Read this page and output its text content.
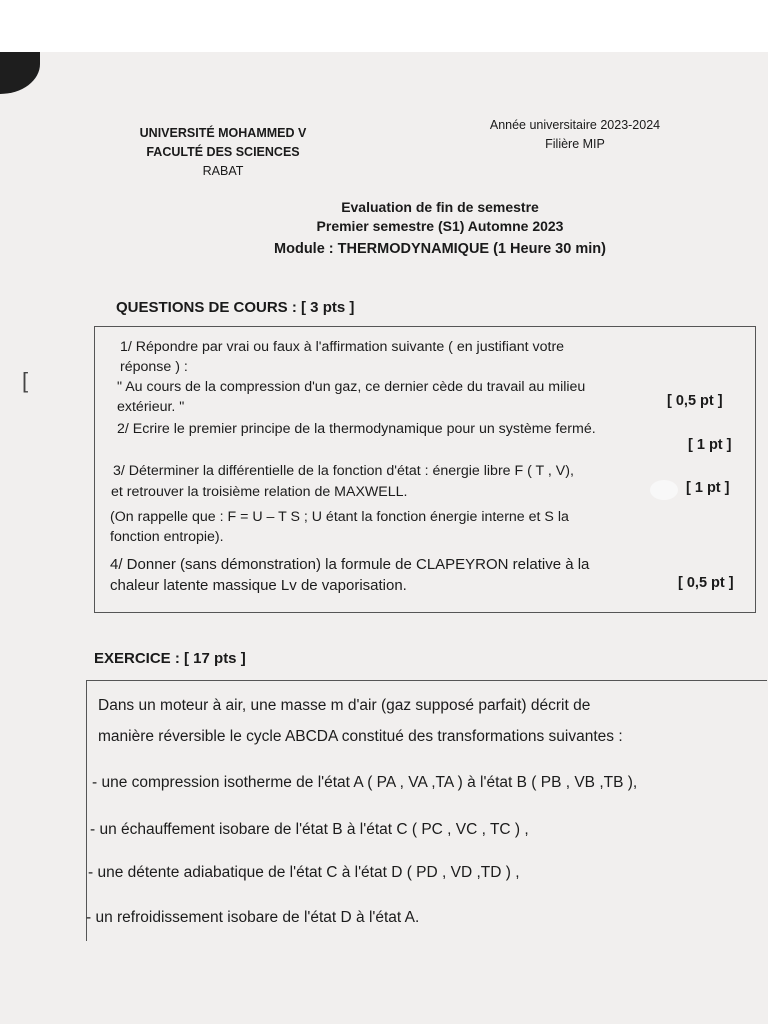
UNIVERSITÉ MOHAMMED V
FACULTÉ DES SCIENCES
RABAT
Année universitaire 2023-2024
Filière MIP
Evaluation de fin de semestre
Premier semestre (S1) Automne 2023
Module : THERMODYNAMIQUE (1 Heure 30 min)
QUESTIONS DE COURS : [ 3 pts ]
[
1/ Répondre par vrai ou faux à l'affirmation suivante ( en justifiant votre
réponse ) :
" Au cours de la compression d'un gaz, ce dernier cède du travail au milieu
extérieur. "	[ 0,5 pt ]
2/ Ecrire le premier principe de la thermodynamique pour un système fermé.
[ 1 pt ]
3/ Déterminer la différentielle de la fonction d'état : énergie libre F ( T , V),
et retrouver la troisième relation de MAXWELL.	[ 1 pt ]
(On rappelle que : F = U – T S ; U étant la fonction énergie interne et S la
fonction entropie).
4/ Donner (sans démonstration) la formule de CLAPEYRON relative à la
chaleur latente massique Lv de vaporisation.	[ 0,5 pt ]
EXERCICE : [ 17 pts ]
Dans un moteur à air, une masse m d'air (gaz supposé parfait) décrit de
manière réversible le cycle ABCDA constitué des transformations suivantes :
- une compression isotherme de l'état A ( PA , VA ,TA ) à l'état B ( PB , VB ,TB ),
- un échauffement isobare de l'état B à l'état C ( PC , VC , TC ) ,
- une détente adiabatique de l'état C à l'état D ( PD , VD ,TD ) ,
- un refroidissement isobare de l'état D à l'état A.
